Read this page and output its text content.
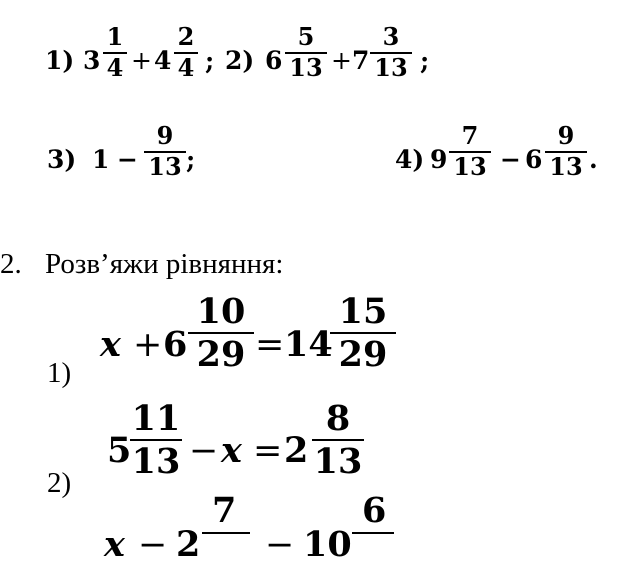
1) 3
1
4 + 4
2
4 ; 2) 6
5
13 + 7
3
13 ;
3) 1 −
9
13 ;	4) 9
7
13 − 6
9
13 .
2. Розв’яжи рівняння:
1)
x + 6
10
29 = 14
15
29
2)
5
11
13 − x = 2
8
13
x − 2
7
− 10
6
